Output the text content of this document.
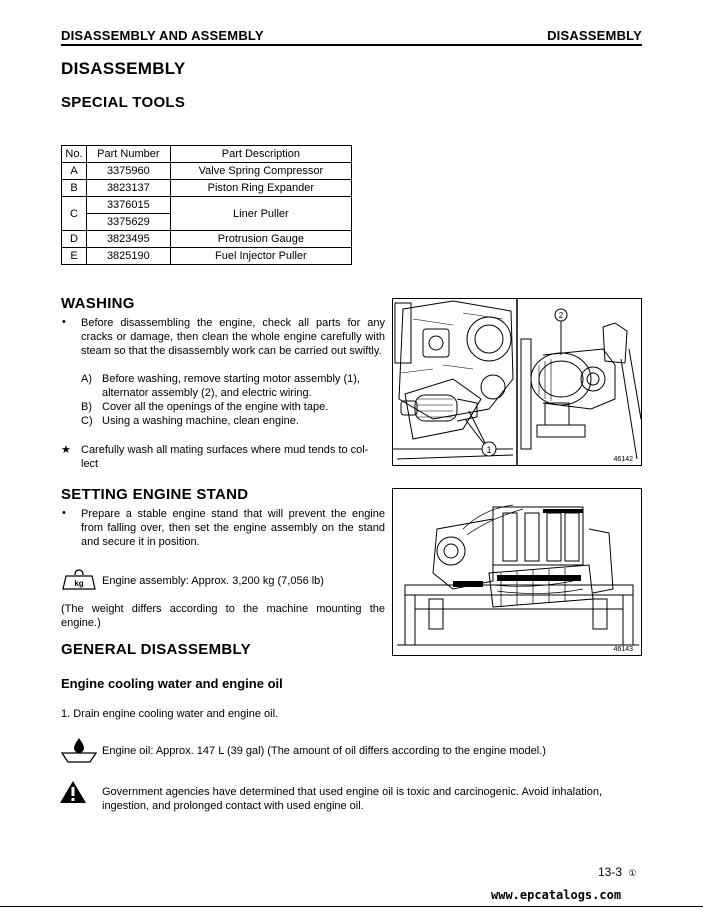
DISASSEMBLY AND ASSEMBLY	DISASSEMBLY
DISASSEMBLY
SPECIAL TOOLS
No.	Part Number	Part Description
A	3375960	Valve Spring Compressor
B	3823137	Piston Ring Expander
C	3376015	Liner Puller
	3375629	
D	3823495	Protrusion Gauge
E	3825190	Fuel Injector Puller
WASHING
• Before disassembling the engine, check all parts for any cracks or damage, then clean the whole engine carefully with steam so that the disassembly work can be carried out swiftly.
A) Before washing, remove starting motor assembly (1),
alternator assembly (2), and electric wiring.
B) Cover all the openings of the engine with tape.
C) Using a washing machine, clean engine.
★ Carefully wash all mating surfaces where mud tends to col-
lect
1
2
46142
SETTING ENGINE STAND
• Prepare a stable engine stand that will prevent the engine from falling over, then set the engine assembly on the stand and secure it in position.
kg Engine assembly: Approx. 3,200 kg (7,056 lb)
(The weight differs according to the machine mounting the engine.)
46143
GENERAL DISASSEMBLY
Engine cooling water and engine oil
1. Drain engine cooling water and engine oil.
Engine oil: Approx. 147 L (39 gal) (The amount of oil differs according to the engine model.)
Government agencies have determined that used engine oil is toxic and carcinogenic. Avoid inhalation,
ingestion, and prolonged contact with used engine oil.
13-3 ①
www.epcatalogs.com
